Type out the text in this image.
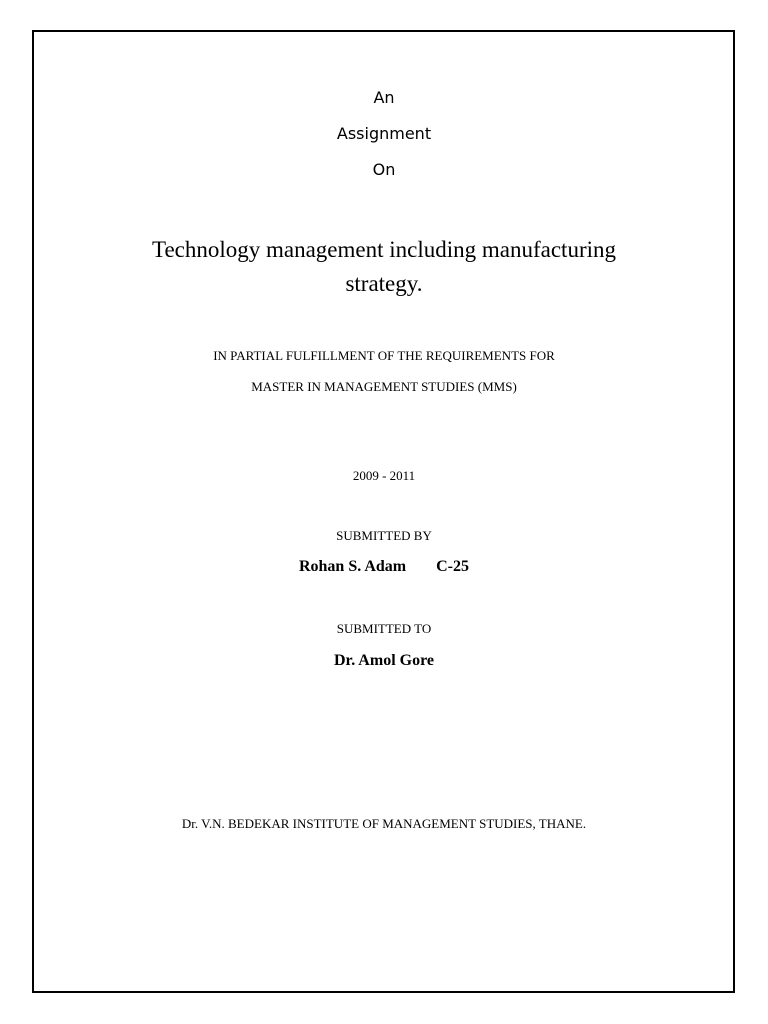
An
Assignment
On
Technology management including manufacturing
strategy.
IN PARTIAL FULFILLMENT OF THE REQUIREMENTS FOR
MASTER IN MANAGEMENT STUDIES (MMS)
2009 - 2011
SUBMITTED BY
Rohan S. Adam C-25
SUBMITTED TO
Dr. Amol Gore
Dr. V.N. BEDEKAR INSTITUTE OF MANAGEMENT STUDIES, THANE.
